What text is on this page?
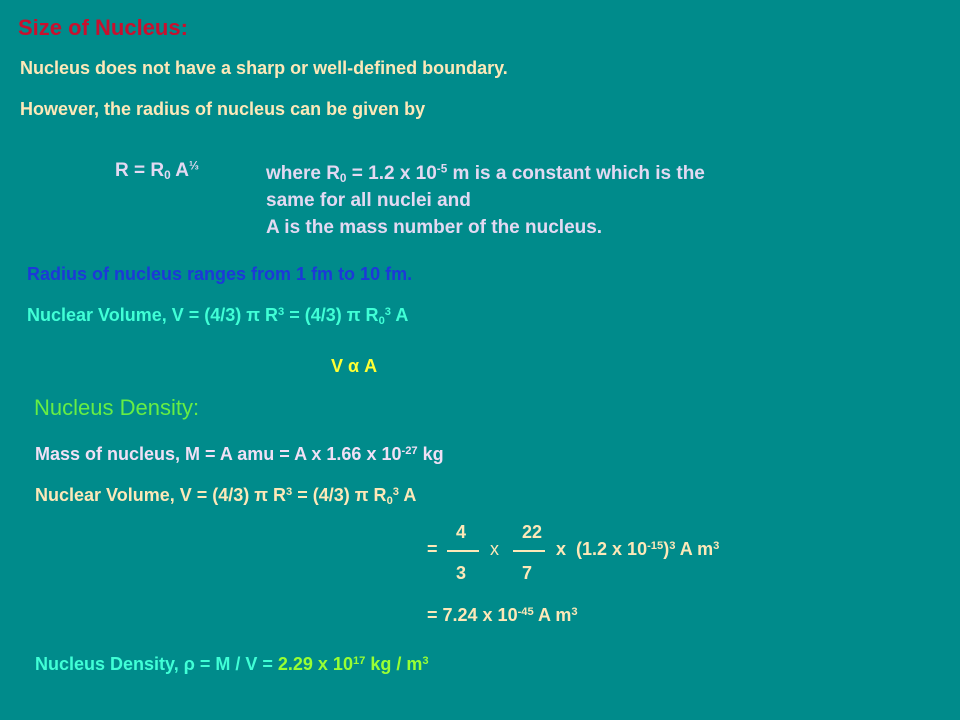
Size of Nucleus:
Nucleus does not have a sharp or well-defined boundary.
However, the radius of nucleus can be given by
$R = R_0$ $A^{\frac{1}{3}}$	where $R_0 = 1.2$ x $10^{-5}$ m is a constant which is the
same for all nuclei and
A is the mass number of the nucleus.
Radius of nucleus ranges from 1 fm to 10 fm.
Nuclear Volume, V = (4/3) π $R^3 = (4/3)$ π $R_0^3$ A
V α A
Nucleus Density:
Mass of nucleus, M = A amu = A x 1.66 x $10^{-27}$ kg
Nuclear Volume, V = (4/3) π $R^3 = (4/3)$ π $R_0^3$ A
=
4
3
x
22
7
x (1.2 x $10^{-15})^3$ A $m^3$
= 7.24 x $10^{-45}$ A $m^3$
Nucleus Density, ρ = M / V = 2.29 x $10^{17}$ kg / $m^3$
